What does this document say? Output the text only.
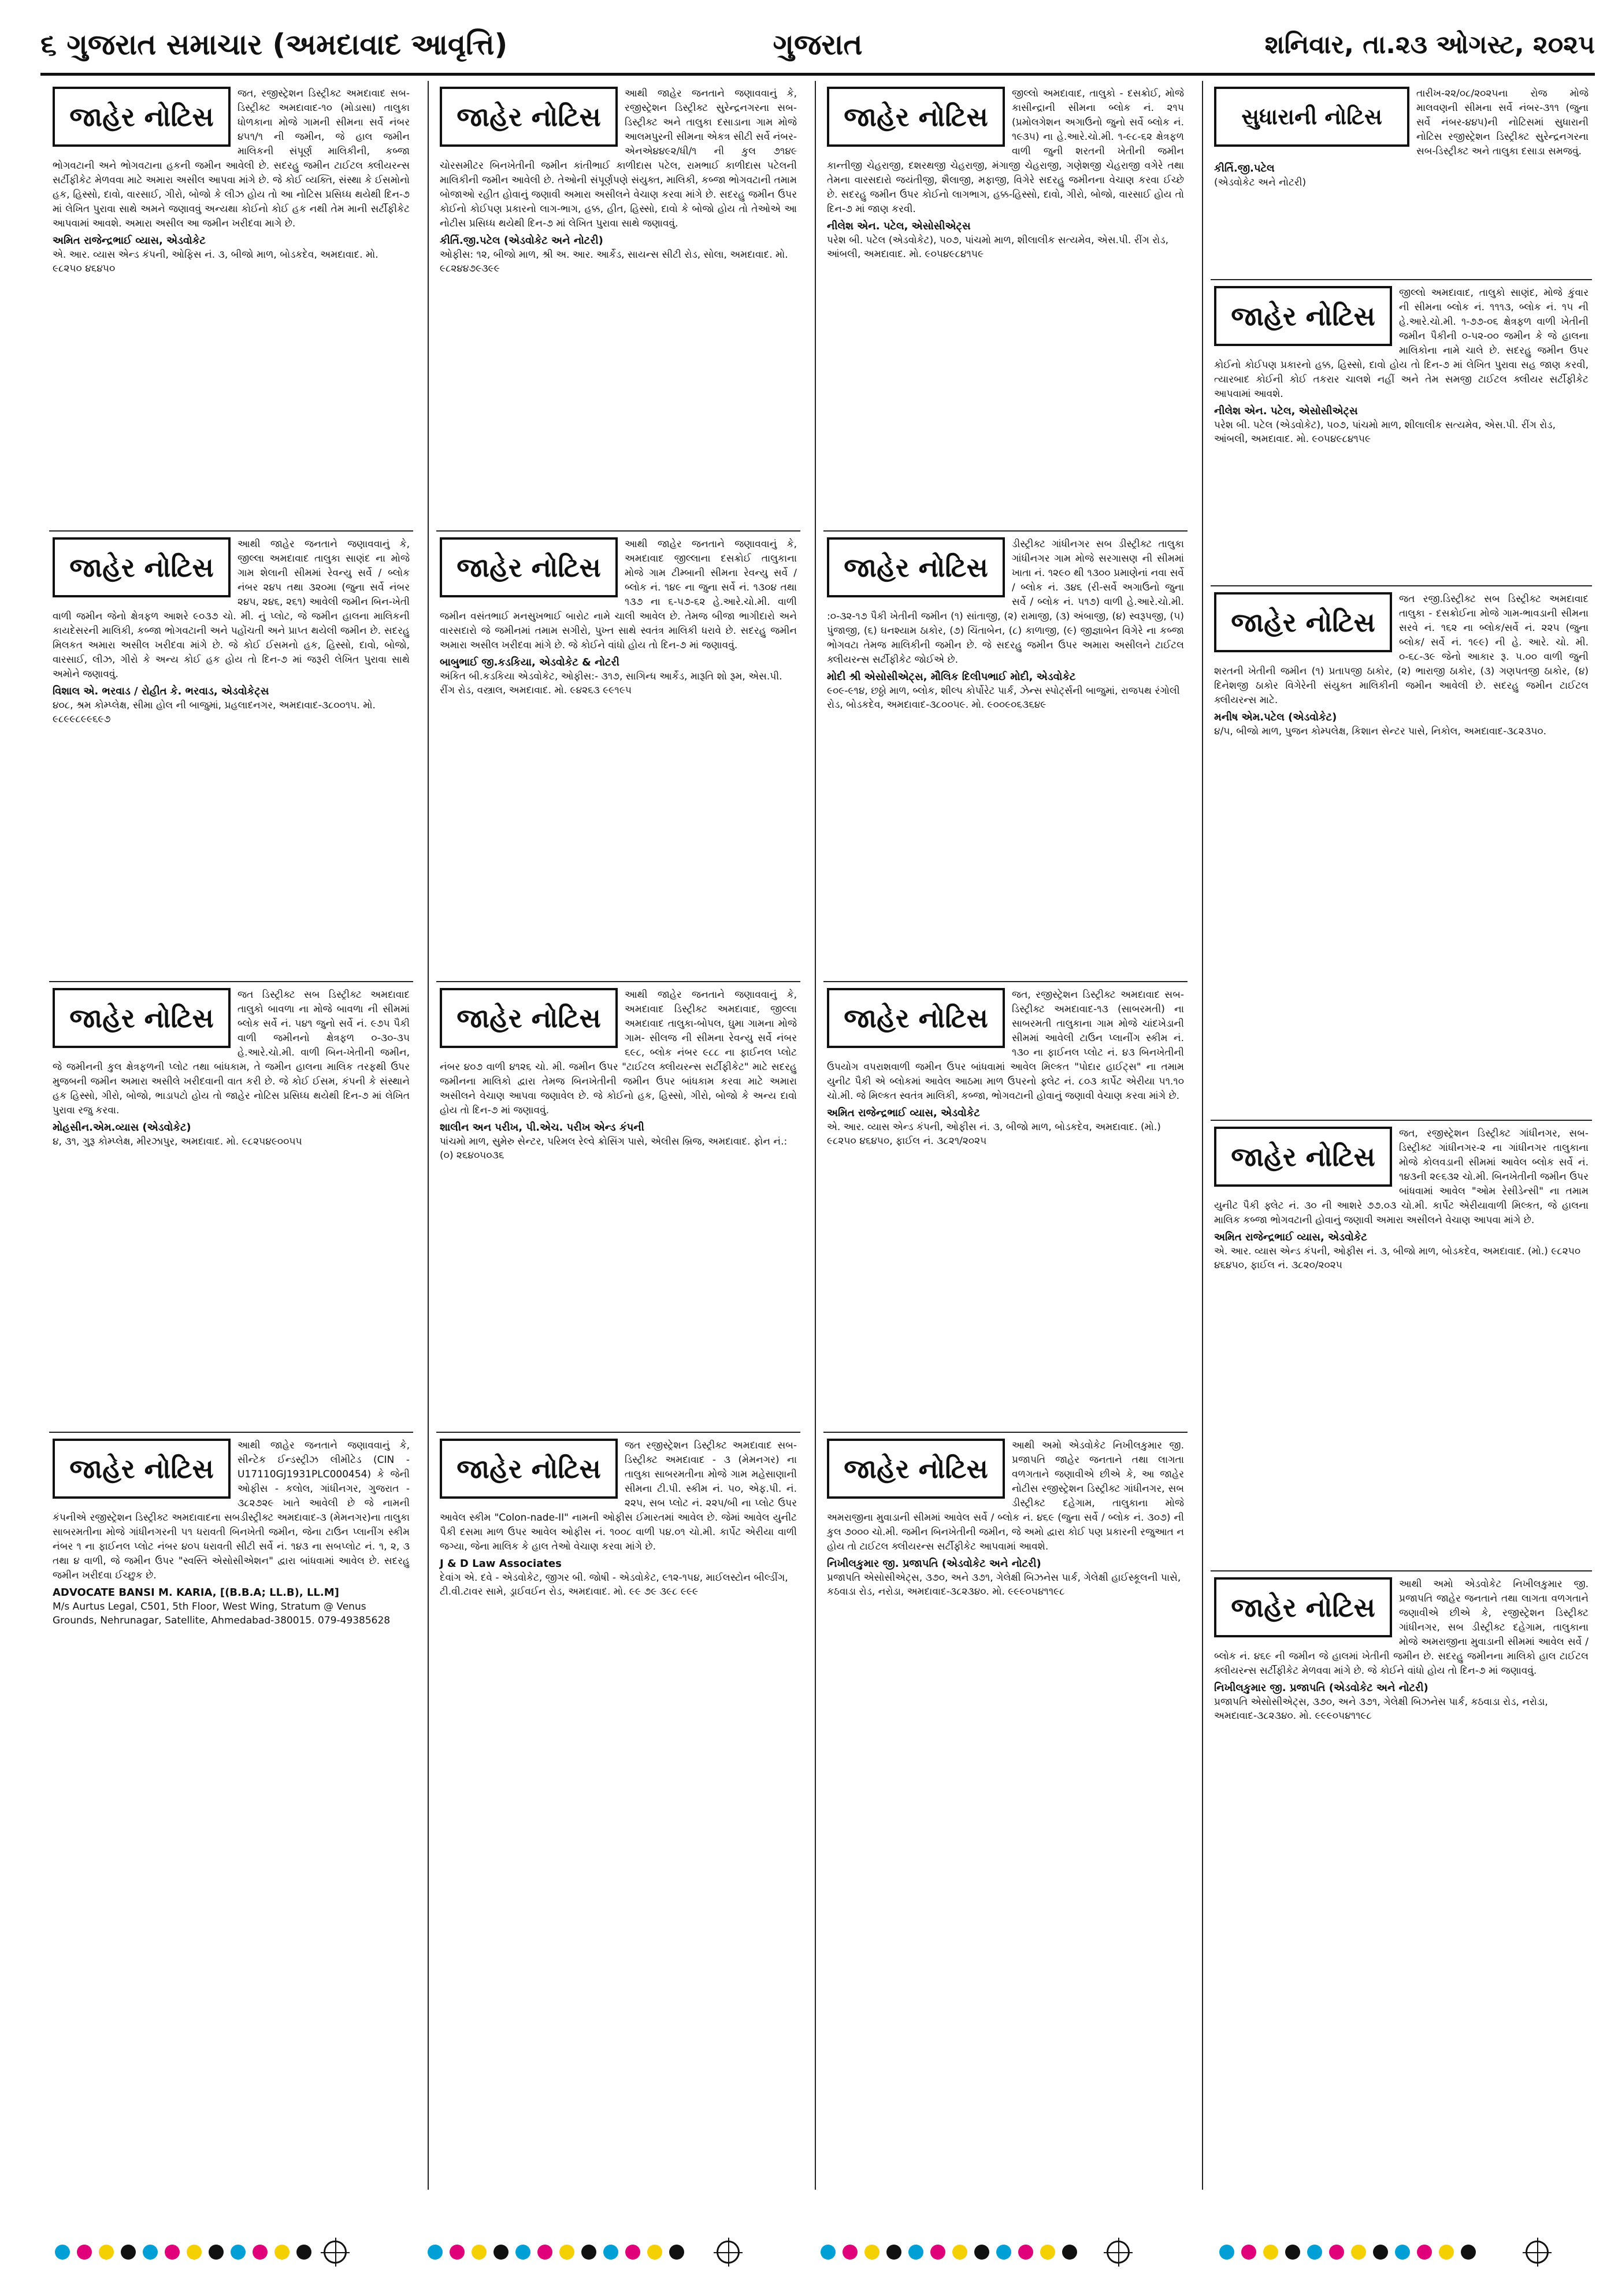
૬ ગુજરાત સમાચાર (અમદાવાદ આવૃત્તિ)	ગુજરાત	શનિવાર, તા.૨૩ ઓગસ્ટ, ૨૦૨૫
જાહેર નોટિસ
જત, રજીસ્ટ્રેશન ડિસ્ટ્રીક્ટ અમદાવાદ સબ-ડિસ્ટ્રીક્ટ અમદાવાદ-૧૦ (મોડાસા) તાલુકા ધોળકાના મોજે ગામની સીમના સર્વે નંબર ૪૫૧/૧ ની જમીન, જે હાલ જમીન માલિકની સંપૂર્ણ માલિકીની, કબ્જા ભોગવટાની અને ભોગવટાના હકની જમીન આવેલી છે. સદરહુ જમીન ટાઈટલ ક્લીયરન્સ સર્ટીફીકેટ મેળવવા માટે અમારા અસીલ આપવા માંગે છે. જે કોઈ વ્યક્તિ, સંસ્થા કે ઈસમોનો હક, હિસ્સો, દાવો, વારસાઈ, ગીરો, બોજો કે લીઝ હોય તો આ નોટિસ પ્રસિધ્ધ થયેથી દિન-૭ માં લેખિત પુરાવા સાથે અમને જણાવવું અન્યથા કોઈનો કોઈ હક નથી તેમ માની સર્ટીફીકેટ આપવામાં આવશે. અમારા અસીલ આ જમીન ખરીદવા માગે છે.
અમિત રાજેન્દ્રભાઈ વ્યાસ, એડવોકેટ
એ. આર. વ્યાસ એન્ડ કંપની, ઓફિસ નં. ૩, બીજો માળ, બોડકદેવ, અમદાવાદ. મો. ૯૮૨૫૦ ૪૬૪૫૦
જાહેર નોટિસ
આથી જાહેર જનતાને જણાવવાનું કે, જીલ્લા અમદાવાદ તાલુકા સાણંદ ના મોજે ગામ શેલાની સીમમાં રેવન્યુ સર્વે / બ્લોક નંબર ૨૪૫ તથા ૩૨૦મા (જુના સર્વે નંબર ૨૪૫, ૨૪૬, ૨૬૧) આવેલી જમીન બિન-ખેતી વાળી જમીન જેનો ક્ષેત્રફળ આશરે ૯૦૩૭ ચો. મી. નું પ્લોટ, જે જમીન હાલના માલિકની કાયદેસરની માલિકી, કબ્જા ભોગવટાની અને પહોંચતી અને પ્રાપ્ત થયેલી જમીન છે. સદરહુ મિલકત અમારા અસીલ ખરીદવા માંગે છે. જે કોઈ ઈસમનો હક, હિસ્સો, દાવો, બોજો, વારસાઈ, લીઝ, ગીરો કે અન્ય કોઈ હક હોય તો દિન-૭ માં જરૂરી લેખિત પુરાવા સાથે અમોને જણાવવું.
વિશાલ એ. ભરવાડ / રોહીત કે. ભરવાડ, એડવોકેટ્સ
૪૦૮, શ્રમ કોમ્પ્લેક્ષ, સીમા હોલ ની બાજુમાં, પ્રહલાદનગર, અમદાવાદ-૩૮૦૦૧૫. મો. ૯૮૯૯૮૯૯૬૯૭
જાહેર નોટિસ
જત ડિસ્ટ્રીક્ટ સબ ડિસ્ટ્રીક્ટ અમદાવાદ તાલુકો બાવળા ના મોજે બાવળા ની સીમમાં બ્લોક સર્વે નં. ૫૪૧ જુનો સર્વે નં. ૯૭૫ પૈકી વાળી જમીનનો ક્ષેત્રફળ ૦-૩૦-૩૫ હે.આરે.ચો.મી. વાળી બિન-ખેતીની જમીન, જે જમીનની કુલ ક્ષેત્રફળની પ્લોટ તથા બાંધકામ, તે જમીન હાલના માલિક તરફથી ઉપર મુજબની જમીન અમારા અસીલે ખરીદવાની વાત કરી છે. જે કોઈ ઈસમ, કંપની કે સંસ્થાને હક હિસ્સો, ગીરો, બોજો, ભાડાપટો હોય તો જાહેર નોટિસ પ્રસિધ્ધ થયેથી દિન-૭ માં લેખિત પુરાવા રજુ કરવા.
મોહસીન.એમ.વ્યાસ (એડવોકેટ)
૪, ૩૧, ગુરૂ કોમ્પ્લેક્ષ, મીરઝાપુર, અમદાવાદ. મો. ૯૮૨૫૪૯૦૦૫૫
જાહેર નોટિસ
આથી જાહેર જનતાને જણાવવાનું કે, સીન્ટેક ઈન્ડસ્ટ્રીઝ લીમીટેડ (CIN - U17110GJ1931PLC000454) કે જેની ઓફીસ - કલોલ, ગાંધીનગર, ગુજરાત - ૩૮૨૭૨૯ ખાતે આવેલી છે જે નામની કંપનીએ રજીસ્ટ્રેશન ડિસ્ટ્રીક્ટ અમદાવાદના સબડીસ્ટ્રીક્ટ અમદાવાદ-૩ (મેમનગર)ના તાલુકા સાબરમતીના મોજે ગાંધીનગરની ૫૧ ધરાવતી બિનખેતી જમીન, જેના ટાઉન પ્લાનીંગ સ્કીમ નંબર ૧ ના ફાઈનલ પ્લોટ નંબર ૪૦૫ ધરાવતી સીટી સર્વે નં. ૧૪૩ ના સબપ્લોટ નં. ૧, ૨, ૩ તથા ૪ વાળી, જે જમીન ઉપર "સ્વસ્તિ એસોસીએશન" દ્વારા બાંધવામાં આવેલ છે. સદરહુ જમીન ખરીદવા ઈચ્છુક છે.
ADVOCATE BANSI M. KARIA, [(B.B.A; LL.B), LL.M]
M/s Aurtus Legal, C501, 5th Floor, West Wing, Stratum @ Venus Grounds, Nehrunagar, Satellite, Ahmedabad-380015. 079-49385628
જાહેર નોટિસ
આથી જાહેર જનતાને જણાવવાનું કે, રજીસ્ટ્રેશન ડિસ્ટ્રીક્ટ સુરેન્દ્રનગરના સબ-ડિસ્ટ્રીક્ટ અને તાલુકા દસાડાના ગામ મોજે આલમપુરની સીમના એકત્ર સીટી સર્વે નંબર-એનએ૪૪૯૨/ધી/૧ ની કુલ ૭૧૪૯ ચોરસમીટર બિનખેતીની જમીન કાંતીભાઈ કાળીદાસ પટેલ, રામભાઈ કાળીદાસ પટેલની માલિકીની જમીન આવેલી છે. તેઓની સંપૂર્ણપણે સંયુક્ત, માલિકી, કબ્જા ભોગવટાની તમામ બોજાઓ રહીત હોવાનું જણાવી અમારા અસીલને વેચાણ કરવા માંગે છે. સદરહુ જમીન ઉપર કોઈનો કોઈપણ પ્રકારનો લાગ-ભાગ, હક્ક, હીત, હિસ્સો, દાવો કે બોજો હોય તો તેઓએ આ નોટીસ પ્રસિધ્ધ થયેથી દિન-૭ માં લેખિત પુરાવા સાથે જણાવવું.
કીર્તિ.જી.પટેલ (એડવોકેટ અને નોટરી)
ઓફીસ: ૧૨, બીજો માળ, શ્રી અ. આર. આર્કેડ, સાયન્સ સીટી રોડ, સોલા, અમદાવાદ. મો. ૯૮૨૪૪૭૯૩૯૯
જાહેર નોટિસ
આથી જાહેર જનતાને જણાવવાનું કે, અમદાવાદ જીલ્લાના દસક્રોઈ તાલુકાના મોજે ગામ ટીમ્બાની સીમના રેવન્યુ સર્વે / બ્લોક નં. ૧૪૯ ના જુના સર્વે નં. ૧૩૦૪ તથા ૧૩૭ ના ૬-૫૭-૬૨ હે.આરે.ચો.મી. વાળી જમીન વસંતભાઈ મનસુખભાઈ બારોટ નામે ચાલી આવેલ છે. તેમજ બીજા ભાગીદારો અને વારસદારો જે જમીનમાં તમામ સગીરો, પુખ્ત સાથે સ્વતંત્ર માલિકી ધરાવે છે. સદરહુ જમીન અમારા અસીલ ખરીદવા માંગે છે. જે કોઈને વાંધો હોય તો દિન-૭ માં જણાવવું.
બાબુભાઈ જી.કડકિયા, એડવોકેટ & નોટરી
અંકિત બી.કડકિયા એડવોકેટ, ઓફીસ:- ૩૧૭, સાગિન્ધ આર્કેડ, મારૂતિ શો રૂમ, એસ.પી. રીંગ રોડ, વસ્ત્રાલ, અમદાવાદ. મો. ૯૪૨૬૩ ૯૯૧૯૫
જાહેર નોટિસ
આથી જાહેર જનતાને જણાવવાનું કે, અમદાવાદ ડિસ્ટ્રીક્ટ અમદાવાદ, જીલ્લા અમદાવાદ તાલુકા-બોપલ, ઘુમા ગામના મોજે ગામ- સીલજ ની સીમના રેવન્યુ સર્વે નંબર ૬૯૮, બ્લોક નંબર ૯૮૮ ના ફાઈનલ પ્લોટ નંબર ૪૦૭ વાળી ૪૧૨૬ ચો. મી. જમીન ઉપર "ટાઈટલ ક્લીયરન્સ સર્ટીફીકેટ" માટે સદરહુ જમીનના માલિકો દ્વારા તેમજ બિનખેતીની જમીન ઉપર બાંધકામ કરવા માટે અમારા અસીલને વેચાણ આપવા જણાવેલ છે. જે કોઈનો હક, હિસ્સો, ગીરો, બોજો કે અન્ય દાવો હોય તો દિન-૭ માં જણાવવું.
શાલીન અન પરીખ, પી.એચ. પરીખ એન્ડ કંપની
પાંચમો માળ, સુમેરુ સેન્ટર, પરિમલ રેલ્વે ક્રોસિંગ પાસે, એલીસ બ્રિજ, અમદાવાદ. ફોન નં.: (૦) ૨૬૪૦૫૦૩૬
જાહેર નોટિસ
જત રજીસ્ટ્રેશન ડિસ્ટ્રીક્ટ અમદાવાદ સબ-ડિસ્ટ્રીક્ટ અમદાવાદ - ૩ (મેમનગર) ના તાલુકા સાબરમતીના મોજે ગામ મહેસાણાની સીમના ટી.પી. સ્કીમ નં. ૫૦, એફ.પી. નં. ૨૨૫, સબ પ્લોટ નં. ૨૨૫/બી ના પ્લોટ ઉપર આવેલ સ્કીમ "Colon-nade-II" નામની ઓફીસ ઈમારતમાં આવેલ છે. જેમાં આવેલ યુનીટ પૈકી દસમા માળ ઉપર આવેલ ઓફીસ નં. ૧૦૦૮ વાળી ૫૪.૦૧ ચો.મી. કાર્પેટ એરીયા વાળી જગ્યા, જેના માલિક કે હાલ તેઓ વેચાણ કરવા માંગે છે.
J & D Law Associates
દેવાંગ એ. દવે - એડવોકેટ, જીગર બી. જોષી - એડવોકેટ, ૯૧૨-૧૫૪, માઈલસ્ટોન બીલ્ડીંગ, ટી.વી.ટાવર સામે, ડ્રાઈવઈન રોડ, અમદાવાદ. મો. ૯૯ ૭૯ ૩૯૮ ૯૯૯
જાહેર નોટિસ
જીલ્લો અમદાવાદ, તાલુકો - દસક્રોઈ, મોજે કાસીન્દ્રાની સીમના બ્લોક નં. ૨૧૫ (પ્રમોલગેશન અગાઉનો જુનો સર્વે બ્લોક નં. ૧૯૩૫) ના હે.આરે.ચો.મી. ૧-૯૮-૬૨ ક્ષેત્રફળ વાળી જુની શરતની ખેતીની જમીન કાન્તીજી ચેહરાજી, દશરથજી ચેહરાજી, મંગાજી ચેહરાજી, ગણેશજી ચેહરાજી વગેરે તથા તેમના વારસદારો જયંતીજી, શૈલાજી, મફાજી, વિગેરે સદરહુ જમીનના વેચાણ કરવા ઈચ્છે છે. સદરહુ જમીન ઉપર કોઈનો લાગભાગ, હક્ક-હિસ્સો, દાવો, ગીરો, બોજો, વારસાઈ હોય તો દિન-૭ માં જાણ કરવી.
નીલેશ એન. પટેલ, એસોસીએટ્સ
પરેશ બી. પટેલ (એડવોકેટ), ૫૦૭, પાંચમો માળ, શીલાલીક સત્યમેવ, એસ.પી. રીંગ રોડ, આંબલી, અમદાવાદ. મો. ૯૦૫૪૯૮૪૧૫૯
જાહેર નોટિસ
ડીસ્ટ્રીક્ટ ગાંધીનગર સબ ડીસ્ટ્રીક્ટ તાલુકા ગાંધીનગર ગામ મોજે સરગાસણ ની સીમમાં ખાતા નં. ૧૨૯૦ થી ૧૩૦૦ પ્રમાણેનાં નવા સર્વે / બ્લોક નં. ૩૪૬ (રી-સર્વે અગાઉનો જુના સર્વે / બ્લોક નં. ૫૧૭) વાળી હે.આરે.ચો.મી. :૦-૩૨-૧૭ પૈકી ખેતીની જમીન (૧) સાંતાજી, (૨) રામાજી, (૩) અંબાજી, (૪) સ્વરૂપજી, (૫) પુંજાજી, (૬) ઘનશ્યામ ઠાકોર, (૭) ચિંતાબેન, (૮) કાળાજી, (૯) જીજ્ઞાબેન વિગેરે ના કબ્જા ભોગવટા તેમજ માલિકીની જમીન છે. જે સદરહુ જમીન ઉપર અમારા અસીલને ટાઈટલ ક્લીયરન્સ સર્ટીફીકેટ જોઈએ છે.
મોદી શ્રી એસોસીએટ્સ, મૌલિક દિલીપભાઈ મોદી, એડવોકેટ
૯૦૯-૯૧૪, છઠ્ઠો માળ, બ્લોક, શીલ્પ કોર્પોરેટ પાર્ક, ઝેન્સ સ્પોર્ટ્સની બાજુમાં, રાજપથ રંગોલી રોડ, બોડકદેવ, અમદાવાદ-૩૮૦૦૫૯. મો. ૯૦૦૯૦૬૩૬૪૯
જાહેર નોટિસ
જત, રજીસ્ટ્રેશન ડિસ્ટ્રીક્ટ અમદાવાદ સબ-ડિસ્ટ્રીક્ટ અમદાવાદ-૧૩ (સાબરમતી) ના સાબરમતી તાલુકાના ગામ મોજે ચાંદખેડાની સીમમાં આવેલી ટાઉન પ્લાનીંગ સ્કીમ નં. ૧૩૦ ના ફાઈનલ પ્લોટ નં. ૪૩ બિનખેતીની ઉપયોગ વપરાશવાળી જમીન ઉપર બાંધવામાં આવેલ મિલ્કત "પોદાર હાઈટ્સ" ના તમામ યુનીટ પૈકી એ બ્લોકમાં આવેલ આઠમા માળ ઉપરનો ફ્લેટ નં. ૮૦૩ કાર્પેટ એરીયા ૫૧.૧૦ ચો.મી. જે મિલ્કત સ્વતંત્ર માલિકી, કબ્જા, ભોગવટાની હોવાનું જણાવી વેચાણ કરવા માંગે છે.
અમિત રાજેન્દ્રભાઈ વ્યાસ, એડવોકેટ
એ. આર. વ્યાસ એન્ડ કંપની, ઓફીસ નં. ૩, બીજો માળ, બોડકદેવ, અમદાવાદ. (મો.) ૯૮૨૫૦ ૪૬૪૫૦, ફાઈલ નં. ૩૮૨૧/૨૦૨૫
જાહેર નોટિસ
આથી અમો એડવોકેટ નિખીલકુમાર જી. પ્રજાપતિ જાહેર જનતાને તથા લાગતા વળગતાને જણાવીએ છીએ કે, આ જાહેર નોટીસ રજીસ્ટ્રેશન ડિસ્ટ્રીક્ટ ગાંધીનગર, સબ ડીસ્ટ્રીક્ટ દહેગામ, તાલુકાના મોજે અમરાજીના મુવાડાની સીમમાં આવેલ સર્વે / બ્લોક નં. ૪૬૯ (જુના સર્વે / બ્લોક નં. ૩૦૭) ની કુલ ૭૦૦૦ ચો.મી. જમીન બિનખેતીની જમીન, જે અમો દ્વારા કોઈ પણ પ્રકારની રજુઆત ન હોય તો ટાઈટલ ક્લીયરન્સ સર્ટીફીકેટ આપવામાં આવશે.
નિખીલકુમાર જી. પ્રજાપતિ (એડવોકેટ અને નોટરી)
પ્રજાપતિ એસોસીએટ્સ, ૩૭૦, અને ૩૭૧, ગેલેક્ષી બિઝનેસ પાર્ક, ગેલેક્ષી હાઈસ્કૂલની પાસે, કઠવાડા રોડ, નરોડા, અમદાવાદ-૩૮૨૩૪૦. મો. ૯૯૯૦૫૪૧૧૯૮
સુધારાની નોટિસ
તારીખ-૨૨/૦૮/૨૦૨૫ના રોજ મોજે માલવણની સીમના સર્વે નંબર-૩૧૧ (જુના સર્વે નંબર-૪૪૫)ની નોટિસમાં સુધારાની નોટિસ રજીસ્ટ્રેશન ડિસ્ટ્રીક્ટ સુરેન્દ્રનગરના સબ-ડિસ્ટ્રીક્ટ અને તાલુકા દસાડા સમજવું.
કીર્તિ.જી.પટેલ
(એડવોકેટ અને નોટરી)
જાહેર નોટિસ
જીલ્લો અમદાવાદ, તાલુકો સાણંદ, મોજે કુંવાર ની સીમના બ્લોક નં. ૧૧૧૩, બ્લોક નં. ૧૫ ની હે.આરે.ચો.મી. ૧-૭૭-૦૬ ક્ષેત્રફળ વાળી ખેતીની જમીન પૈકીની ૦-૫૨-૦૦ જમીન કે જે હાલના માલિકોના નામે ચાલે છે. સદરહુ જમીન ઉપર કોઈનો કોઈપણ પ્રકારનો હક્ક, હિસ્સો, દાવો હોય તો દિન-૭ માં લેખિત પુરાવા સહ જાણ કરવી, ત્યારબાદ કોઈની કોઈ તકરાર ચાલશે નહીં અને તેમ સમજી ટાઈટલ ક્લીયર સર્ટીફીકેટ આપવામાં આવશે.
નીલેશ એન. પટેલ, એસોસીએટ્સ
પરેશ બી. પટેલ (એડવોકેટ), ૫૦૭, પાંચમો માળ, શીલાલીક સત્યમેવ, એસ.પી. રીંગ રોડ, આંબલી, અમદાવાદ. મો. ૯૦૫૪૯૮૪૧૫૯
જાહેર નોટિસ
જત રજી.ડિસ્ટ્રીક્ટ સબ ડિસ્ટ્રીક્ટ અમદાવાદ તાલુકા - દસક્રોઈના મોજે ગામ-ભાવડાની સીમના સરવે નં. ૧૬૨ ના બ્લોક/સર્વે નં. ૨૨૫ (જુના બ્લોક/ સર્વે નં. ૧૯૯) ની હે. આરે. ચો. મી. ૦-૬૮-૩૯ જેનો આકાર રૂ. ૫.૦૦ વાળી જુની શરતની ખેતીની જમીન (૧) પ્રતાપજી ઠાકોર, (૨) ભારાજી ઠાકોર, (૩) ગણપતજી ઠાકોર, (૪) દિનેશજી ઠાકોર વિગેરેની સંયુક્ત માલિકીની જમીન આવેલી છે. સદરહુ જમીન ટાઈટલ ક્લીયરન્સ માટે.
મનીષ એમ.પટેલ (એડવોકેટ)
૪/૫, બીજો માળ, પુજન કોમ્પલેક્ષ, કિશાન સેન્ટર પાસે, નિકોલ, અમદાવાદ-૩૮૨૩૫૦.
જાહેર નોટિસ
જત, રજીસ્ટ્રેશન ડિસ્ટ્રીક્ટ ગાંધીનગર, સબ-ડિસ્ટ્રીક્ટ ગાંધીનગર-૨ ના ગાંધીનગર તાલુકાના મોજે કોલવડાની સીમમાં આવેલ બ્લોક સર્વે નં. ૧૪૩ની ૨૯૬૩૨ ચો.મી. બિનખેતીની જમીન ઉપર બાંધવામાં આવેલ "ઓમ રેસીડેન્સી" ના તમામ યુનીટ પૈકી ફ્લેટ નં. ૩૦ ની આશરે ૭૭.૦૩ ચો.મી. કાર્પેટ એરીયાવાળી મિલ્કત, જે હાલના માલિક કબ્જા ભોગવટાની હોવાનું જણાવી અમારા અસીલને વેચાણ આપવા માંગે છે.
અમિત રાજેન્દ્રભાઈ વ્યાસ, એડવોકેટ
એ. આર. વ્યાસ એન્ડ કંપની, ઓફીસ નં. ૩, બીજો માળ, બોડકદેવ, અમદાવાદ. (મો.) ૯૮૨૫૦ ૪૬૪૫૦, ફાઈલ નં. ૩૮૨૦/૨૦૨૫
જાહેર નોટિસ
આથી અમો એડવોકેટ નિખીલકુમાર જી. પ્રજાપતિ જાહેર જનતાને તથા લાગતા વળગતાને જણાવીએ છીએ કે, રજીસ્ટ્રેશન ડિસ્ટ્રીક્ટ ગાંધીનગર, સબ ડીસ્ટ્રીક્ટ દહેગામ, તાલુકાના મોજે અમરાજીના મુવાડાની સીમમાં આવેલ સર્વે / બ્લોક નં. ૪૬૯ ની જમીન જે હાલમાં ખેતીની જમીન છે. સદરહુ જમીનના માલિકો હાલ ટાઈટલ ક્લીયરન્સ સર્ટીફીકેટ મેળવવા માંગે છે. જે કોઈને વાંધો હોય તો દિન-૭ માં જણાવવું.
નિખીલકુમાર જી. પ્રજાપતિ (એડવોકેટ અને નોટરી)
પ્રજાપતિ એસોસીએટ્સ, ૩૭૦, અને ૩૭૧, ગેલેક્ષી બિઝનેસ પાર્ક, કઠવાડા રોડ, નરોડા, અમદાવાદ-૩૮૨૩૪૦. મો. ૯૯૯૦૫૪૧૧૯૮
